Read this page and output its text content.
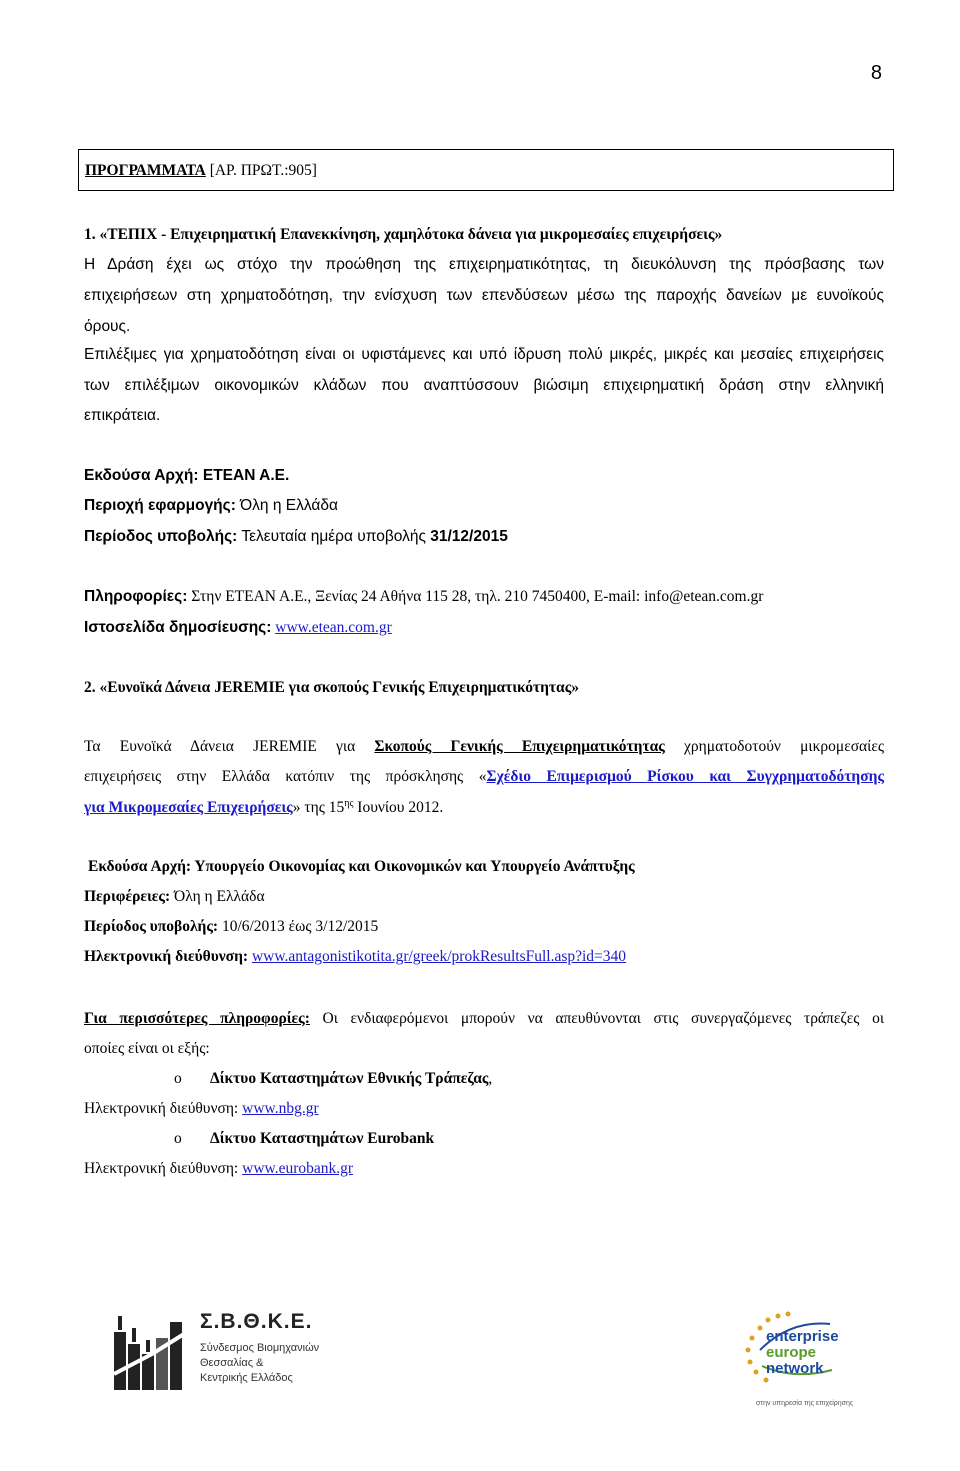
8
ΠΡΟΓΡΑΜΜΑΤΑ [ΑΡ. ΠΡΩΤ.:905]
1. «ΤΕΠΙΧ - Επιχειρηματική Επανεκκίνηση, χαμηλότοκα δάνεια για μικρομεσαίες επιχειρήσεις»
Η Δράση έχει ως στόχο την προώθηση της επιχειρηματικότητας, τη διευκόλυνση της πρόσβασης των
επιχειρήσεων στη χρηματοδότηση, την ενίσχυση των επενδύσεων μέσω της παροχής δανείων με ευνοϊκούς
όρους.
Επιλέξιμες για χρηματοδότηση είναι οι υφιστάμενες και υπό ίδρυση πολύ μικρές, μικρές και μεσαίες επιχειρήσεις
των επιλέξιμων οικονομικών κλάδων που αναπτύσσουν βιώσιμη επιχειρηματική δράση στην ελληνική
επικράτεια.
Εκδούσα Αρχή: ΕΤΕΑΝ Α.Ε.
Περιοχή εφαρμογής: Όλη η Ελλάδα
Περίοδος υποβολής: Τελευταία ημέρα υποβολής 31/12/2015
Πληροφορίες: Στην ΕΤΕΑΝ Α.Ε., Ξενίας 24 Αθήνα 115 28, τηλ. 210 7450400, E-mail: info@etean.com.gr
Ιστοσελίδα δημοσίευσης: www.etean.com.gr
2. «Ευνοϊκά Δάνεια JEREMIE για σκοπούς Γενικής Επιχειρηματικότητας»
Τα Ευνοϊκά Δάνεια JEREMIE για Σκοπούς Γενικής Επιχειρηματικότητας χρηματοδοτούν μικρομεσαίες
επιχειρήσεις στην Ελλάδα κατόπιν της πρόσκλησης «Σχέδιο Επιμερισμού Ρίσκου και Συγχρηματοδότησης
για Μικρομεσαίες Επιχειρήσεις» της $15^{\eta\varsigma}$ Ιουνίου 2012.
Εκδούσα Αρχή: Υπουργείο Οικονομίας και Οικονομικών και Υπουργείο Ανάπτυξης
Περιφέρειες: Όλη η Ελλάδα
Περίοδος υποβολής: 10/6/2013 έως 3/12/2015
Ηλεκτρονική διεύθυνση: www.antagonistikotita.gr/greek/prokResultsFull.asp?id=340
Για περισσότερες πληροφορίες: Οι ενδιαφερόμενοι μπορούν να απευθύνονται στις συνεργαζόμενες τράπεζες οι
οποίες είναι οι εξής:
o Δίκτυο Καταστημάτων Εθνικής Τράπεζας,
Ηλεκτρονική διεύθυνση: www.nbg.gr
o Δίκτυο Καταστημάτων Eurobank
Ηλεκτρονική διεύθυνση: www.eurobank.gr
Σ.Β.Θ.Κ.Ε.
Σύνδεσμος Βιομηχανιών
Θεσσαλίας &
Κεντρικής Ελλάδος
enterprise
europe
network
στην υπηρεσία της επιχείρησης
